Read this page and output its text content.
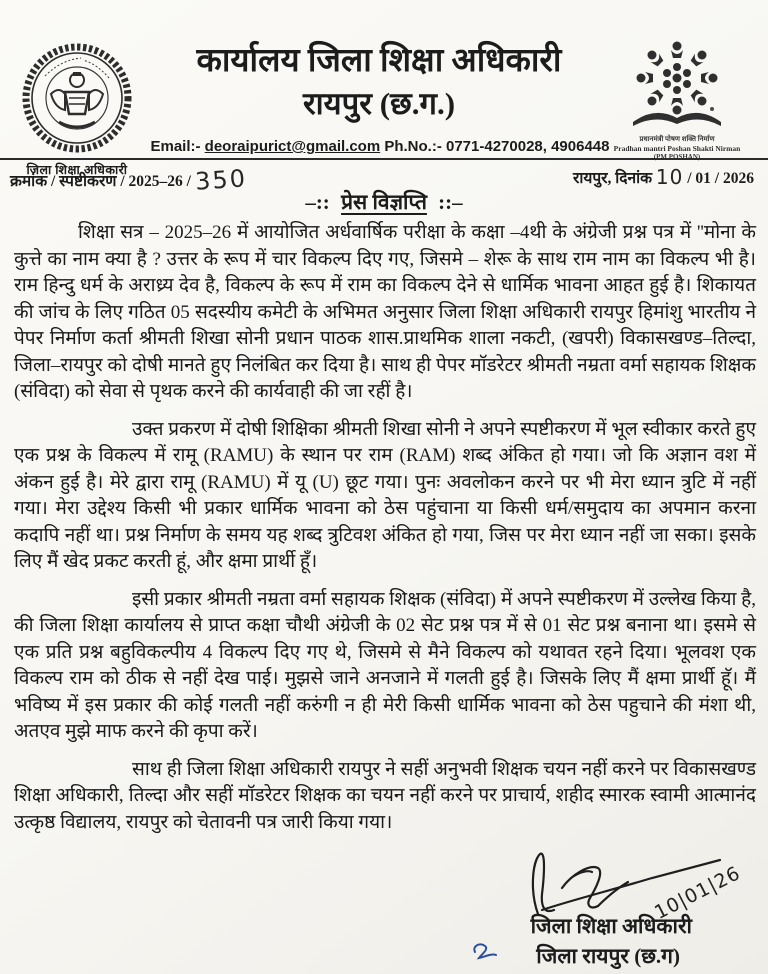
जिला शिक्षा अधिकारी
कार्यालय जिला शिक्षा अधिकारी
रायपुर (छ.ग.)
प्रधानमंत्री पोषण शक्ति निर्माण
Pradhan mantri Poshan Shakti Nirman
(PM POSHAN)
Email:- deoraipurict@gmail.com Ph.No.:- 0771-4270028, 4906448
क्रमांक / स्पष्टीकरण / 2025–26 / 350	रायपुर, दिनांक 10 / 01 / 2026
–:: प्रेस विज्ञप्ति ::–

शिक्षा सत्र – 2025–26 में आयोजित अर्धवार्षिक परीक्षा के कक्षा –4थी के अंग्रेजी प्रश्न पत्र में ''मोना के कुत्ते का नाम क्या है ? उत्तर के रूप में चार विकल्प दिए गए, जिसमे – शेरू के साथ राम नाम का विकल्प भी है। राम हिन्दु धर्म के अराध्र्य देव है, विकल्प के रूप में राम का विकल्प देने से धार्मिक भावना आहत हुई है। शिकायत की जांच के लिए गठित 05 सदस्यीय कमेटी के अभिमत अनुसार जिला शिक्षा अधिकारी रायपुर हिमांशु भारतीय ने पेपर निर्माण कर्ता श्रीमती शिखा सोनी प्रधान पाठक शास.प्राथमिक शाला नकटी, (खपरी) विकासखण्ड–तिल्दा, जिला–रायपुर को दोषी मानते हुए निलंबित कर दिया है। साथ ही पेपर मॉडरेटर श्रीमती नम्रता वर्मा सहायक शिक्षक (संविदा) को सेवा से पृथक करने की कार्यवाही की जा रहीं है।

उक्त प्रकरण में दोषी शिक्षिका श्रीमती शिखा सोनी ने अपने स्पष्टीकरण में भूल स्वीकार करते हुए एक प्रश्न के विकल्प में रामू (RAMU) के स्थान पर राम (RAM) शब्द अंकित हो गया। जो कि अज्ञान वश में अंकन हुई है। मेरे द्वारा रामू (RAMU) में यू (U) छूट गया। पुनः अवलोकन करने पर भी मेरा ध्यान त्रुटि में नहीं गया। मेरा उद्देश्य किसी भी प्रकार धार्मिक भावना को ठेस पहुंचाना या किसी धर्म/समुदाय का अपमान करना कदापि नहीं था। प्रश्न निर्माण के समय यह शब्द त्रुटिवश अंकित हो गया, जिस पर मेरा ध्यान नहीं जा सका। इसके लिए मैं खेद प्रकट करती हूं, और क्षमा प्रार्थी हूँ।

इसी प्रकार श्रीमती नम्रता वर्मा सहायक शिक्षक (संविदा) में अपने स्पष्टीकरण में उल्लेख किया है, की जिला शिक्षा कार्यालय से प्राप्त कक्षा चौथी अंग्रेजी के 02 सेट प्रश्न पत्र में से 01 सेट प्रश्न बनाना था। इसमे से एक प्रति प्रश्न बहुविकल्पीय 4 विकल्प दिए गए थे, जिसमे से मैने विकल्प को यथावत रहने दिया। भूलवश एक विकल्प राम को ठीक से नहीं देख पाई। मुझसे जाने अनजाने में गलती हुई है। जिसके लिए मैं क्षमा प्रार्थी हॅू। मैं भविष्य में इस प्रकार की कोई गलती नहीं करुंगी न ही मेरी किसी धार्मिक भावना को ठेस पहुचाने की मंशा थी, अतएव मुझे माफ करने की कृपा करें।

साथ ही जिला शिक्षा अधिकारी रायपुर ने सहीं अनुभवी शिक्षक चयन नहीं करने पर विकासखण्ड शिक्षा अधिकारी, तिल्दा और सहीं मॉडरेटर शिक्षक का चयन नहीं करने पर प्राचार्य, शहीद स्मारक स्वामी आत्मानंद उत्कृष्ठ विद्यालय, रायपुर को चेतावनी पत्र जारी किया गया।

10|01|26
जिला शिक्षा अधिकारी
जिला रायपुर (छ.ग)
